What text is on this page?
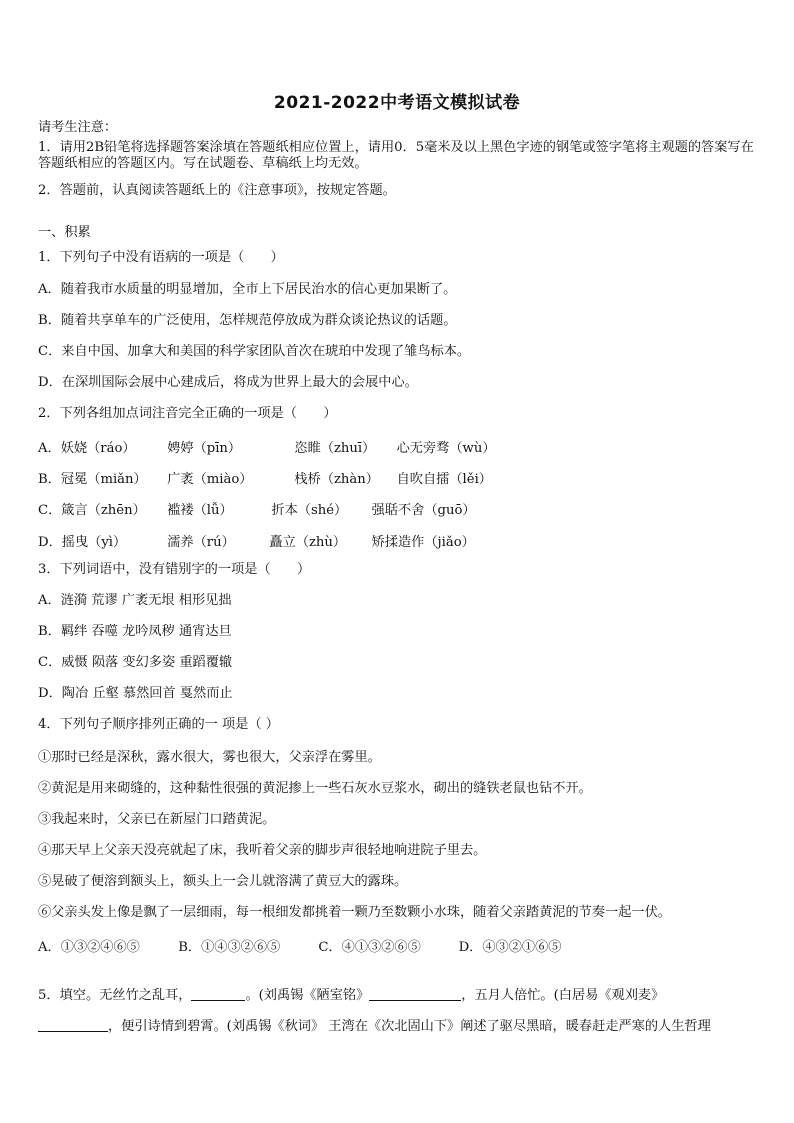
2021-2022中考语文模拟试卷
请考生注意：
1．请用2B铅笔将选择题答案涂填在答题纸相应位置上，请用0．5毫米及以上黑色字迹的钢笔或签字笔将主观题的答案写在答题纸相应的答题区内。写在试题卷、草稿纸上均无效。
2．答题前，认真阅读答题纸上的《注意事项》，按规定答题。
一、积累
1．下列句子中没有语病的一项是（　　）
A．随着我市水质量的明显增加，全市上下居民治水的信心更加果断了。
B．随着共享单车的广泛使用，怎样规范停放成为群众谈论热议的话题。
C．来自中国、加拿大和美国的科学家团队首次在琥珀中发现了雏鸟标本。
D．在深圳国际会展中心建成后，将成为世界上最大的会展中心。
2．下列各组加点词注音完全正确的一项是（　　）
A．妖娆（ráo） 娉婷（pīn）	恣睢（zhuī） 心无旁骛（wù）
B．冠冕（miǎn） 广袤（miào）	栈桥（zhàn） 自吹自擂（lěi）
C．箴言（zhēn） 褴褛（lǚ）	折本（shé） 强聒不舍（guō）
D．摇曳（yì）	濡养（rú）	矗立（zhù） 矫揉造作（jiǎo）
3．下列词语中，没有错别字的一项是（　　）
A．涟漪 荒谬 广袤无垠 相形见拙
B．羁绊 吞噬 龙吟凤秽 通宵达旦
C．威慑 陨落 变幻多姿 重蹈覆辙
D．陶冶 丘壑 慕然回首 戛然而止
4．下列句子顺序排列正确的一 项是（ ）
①那时已经是深秋，露水很大，雾也很大，父亲浮在雾里。
②黄泥是用来砌缝的，这种黏性很强的黄泥掺上一些石灰水豆浆水，砌出的缝铁老鼠也钻不开。
③我起来时，父亲已在新屋门口踏黄泥。
④那天早上父亲天没亮就起了床，我听着父亲的脚步声很轻地响进院子里去。
⑤晃破了便溶到额头上，额头上一会儿就溶满了黄豆大的露珠。
⑥父亲头发上像是飘了一层细雨，每一根细发都挑着一颗乃至数颗小水珠，随着父亲踏黄泥的节奏一起一伏。
A．①③②④⑥⑤	B．①④③②⑥⑤	C．④①③②⑥⑤	D．④③②①⑥⑤
5．填空。无丝竹之乱耳，	。(刘禹锡《陋室铭》	，五月人倍忙。(白居易《观刈麦》
，便引诗情到碧霄。(刘禹锡《秋词》 王湾在《次北固山下》阐述了驱尽黑暗，暖春赶走严寒的人生哲理
